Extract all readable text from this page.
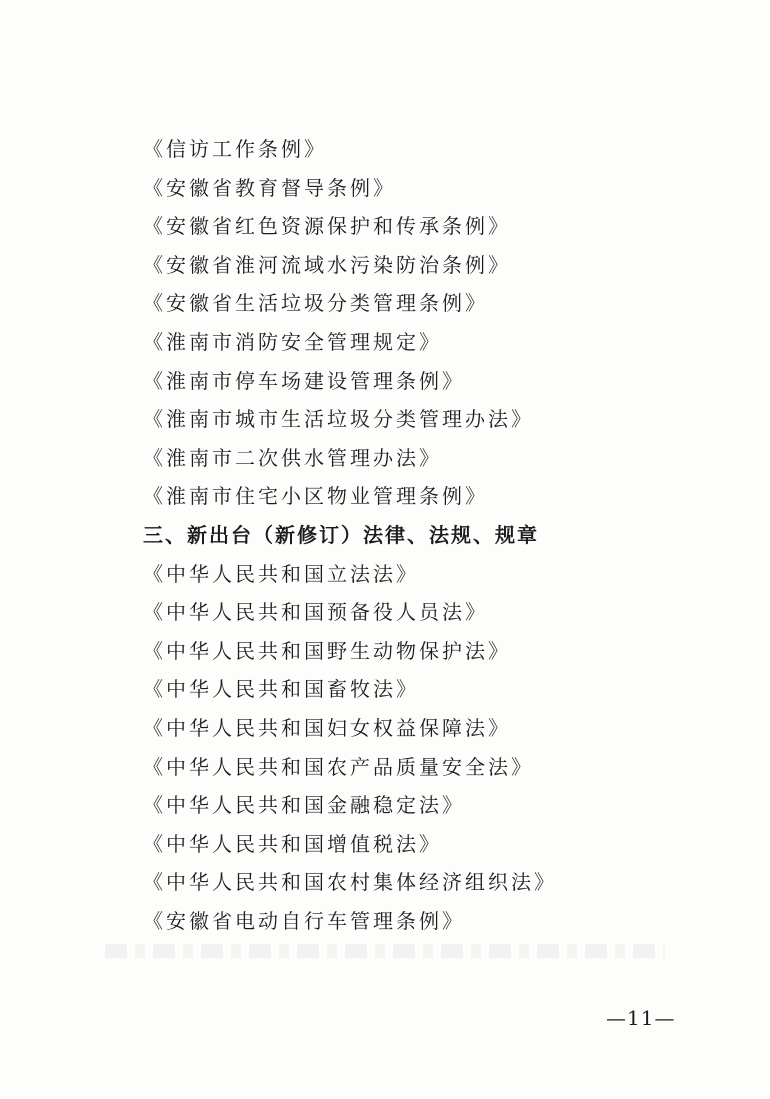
《信访工作条例》
《安徽省教育督导条例》
《安徽省红色资源保护和传承条例》
《安徽省淮河流域水污染防治条例》
《安徽省生活垃圾分类管理条例》
《淮南市消防安全管理规定》
《淮南市停车场建设管理条例》
《淮南市城市生活垃圾分类管理办法》
《淮南市二次供水管理办法》
《淮南市住宅小区物业管理条例》
三、新出台（新修订）法律、法规、规章
《中华人民共和国立法法》
《中华人民共和国预备役人员法》
《中华人民共和国野生动物保护法》
《中华人民共和国畜牧法》
《中华人民共和国妇女权益保障法》
《中华人民共和国农产品质量安全法》
《中华人民共和国金融稳定法》
《中华人民共和国增值税法》
《中华人民共和国农村集体经济组织法》
《安徽省电动自行车管理条例》
—11—
